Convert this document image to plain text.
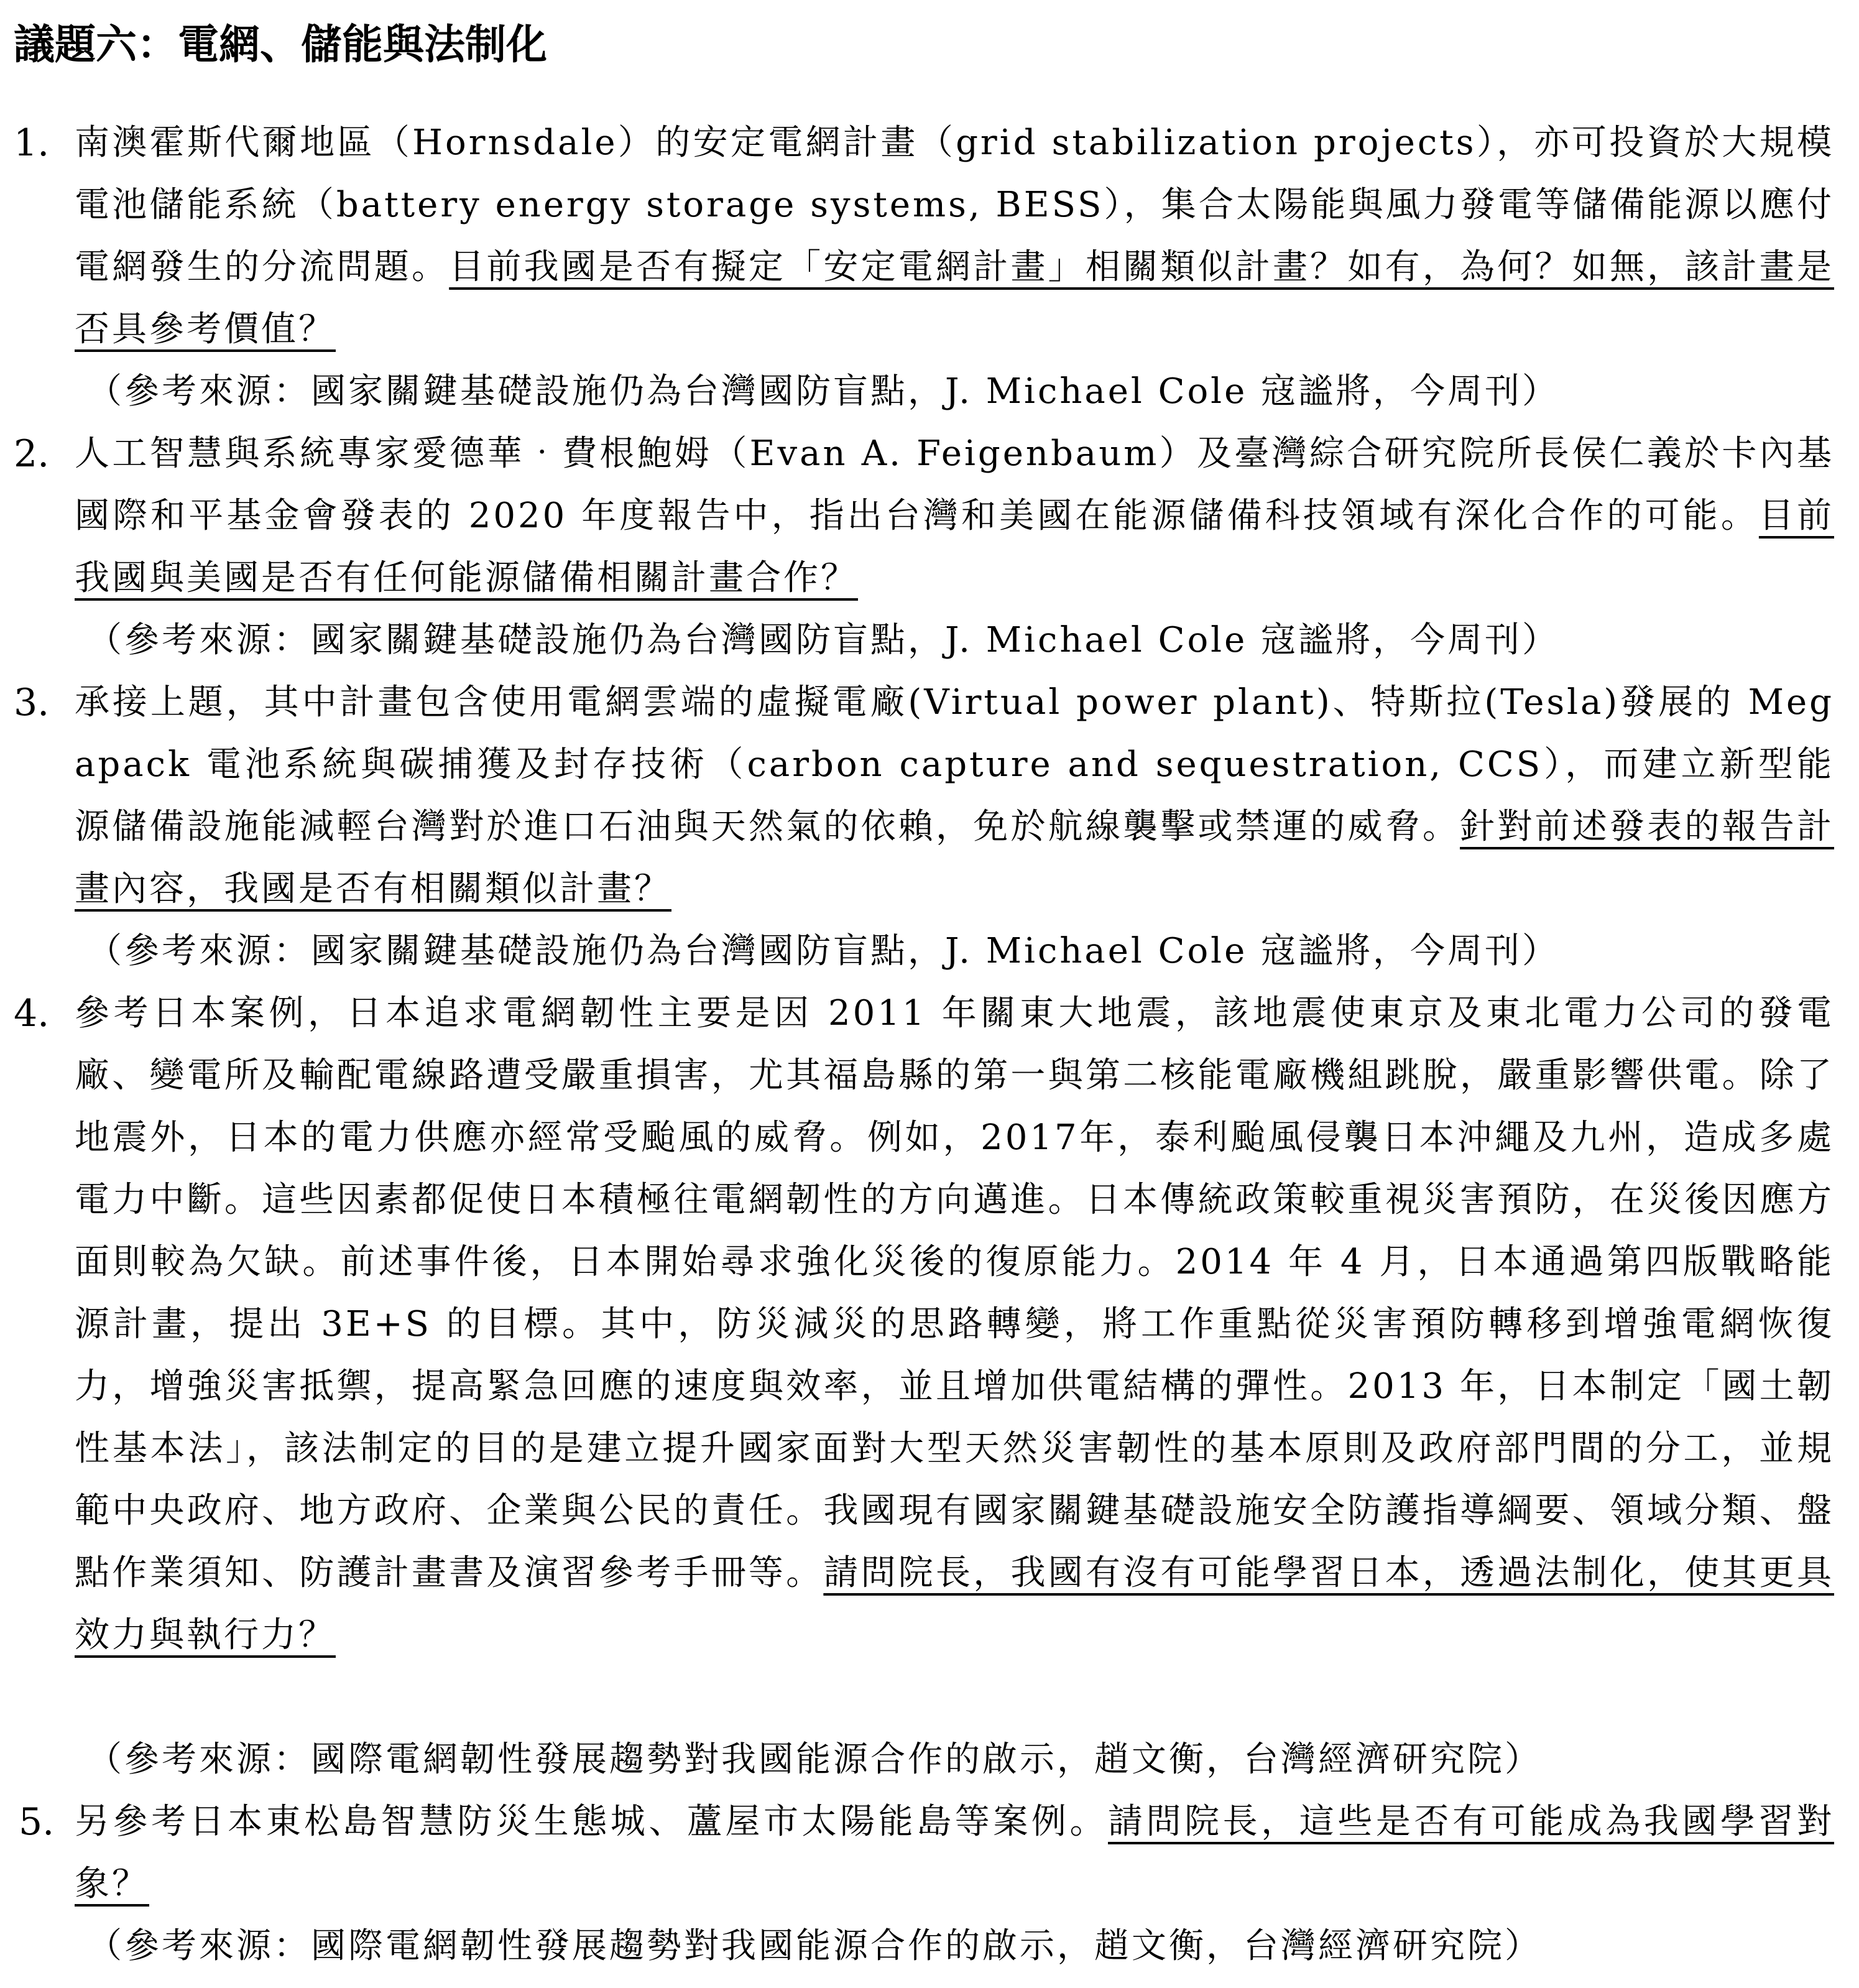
議題六：電網、儲能與法制化
1. 南澳霍斯代爾地區（Hornsdale）的安定電網計畫（grid stabilization projects），亦可投資於大規模電池儲能系統（battery energy storage systems, BESS），集合太陽能與風力發電等儲備能源以應付電網發生的分流問題。目前我國是否有擬定「安定電網計畫」相關類似計畫？如有，為何？如無，該計畫是否具參考價值？
（參考來源：國家關鍵基礎設施仍為台灣國防盲點，J. Michael Cole 寇謐將，今周刊）
2. 人工智慧與系統專家愛德華‧費根鮑姆（Evan A. Feigenbaum）及臺灣綜合研究院所長侯仁義於卡內基國際和平基金會發表的 2020 年度報告中，指出台灣和美國在能源儲備科技領域有深化合作的可能。目前我國與美國是否有任何能源儲備相關計畫合作？
（參考來源：國家關鍵基礎設施仍為台灣國防盲點，J. Michael Cole 寇謐將，今周刊）
3. 承接上題，其中計畫包含使用電網雲端的虛擬電廠(Virtual power plant)、特斯拉(Tesla)發展的 Megapack 電池系統與碳捕獲及封存技術（carbon capture and sequestration, CCS），而建立新型能源儲備設施能減輕台灣對於進口石油與天然氣的依賴，免於航線襲擊或禁運的威脅。針對前述發表的報告計畫內容，我國是否有相關類似計畫？
（參考來源：國家關鍵基礎設施仍為台灣國防盲點，J. Michael Cole 寇謐將，今周刊）
4. 參考日本案例，日本追求電網韌性主要是因 2011 年關東大地震，該地震使東京及東北電力公司的發電廠、變電所及輸配電線路遭受嚴重損害，尤其福島縣的第一與第二核能電廠機組跳脫，嚴重影響供電。除了地震外，日本的電力供應亦經常受颱風的威脅。例如，2017年，泰利颱風侵襲日本沖繩及九州，造成多處電力中斷。這些因素都促使日本積極往電網韌性的方向邁進。日本傳統政策較重視災害預防，在災後因應方面則較為欠缺。前述事件後，日本開始尋求強化災後的復原能力。2014 年 4 月，日本通過第四版戰略能源計畫，提出 3E+S 的目標。其中，防災減災的思路轉變，將工作重點從災害預防轉移到增強電網恢復力，增強災害抵禦，提高緊急回應的速度與效率，並且增加供電結構的彈性。2013 年，日本制定「國土韌性基本法」，該法制定的目的是建立提升國家面對大型天然災害韌性的基本原則及政府部門間的分工，並規範中央政府、地方政府、企業與公民的責任。我國現有國家關鍵基礎設施安全防護指導綱要、領域分類、盤點作業須知、防護計畫書及演習參考手冊等。請問院長，我國有沒有可能學習日本，透過法制化，使其更具效力與執行力？
（參考來源：國際電網韌性發展趨勢對我國能源合作的啟示，趙文衡，台灣經濟研究院）
5. 另參考日本東松島智慧防災生態城、蘆屋市太陽能島等案例。請問院長，這些是否有可能成為我國學習對象？
（參考來源：國際電網韌性發展趨勢對我國能源合作的啟示，趙文衡，台灣經濟研究院）
